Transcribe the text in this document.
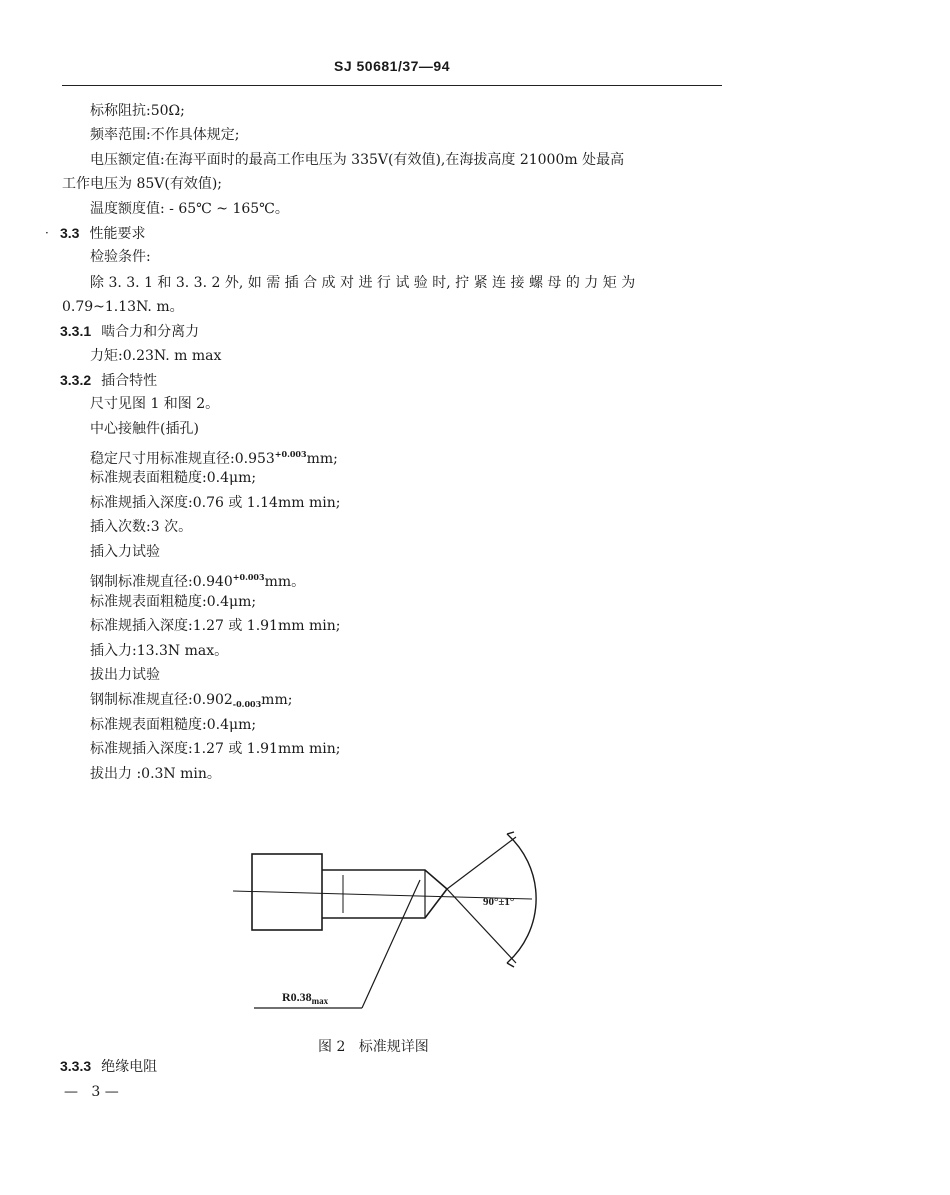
SJ 50681/37—94
标称阻抗:50Ω;
频率范围:不作具体规定;
电压额定值:在海平面时的最高工作电压为 335V(有效值),在海拔高度 21000m 处最高
工作电压为 85V(有效值);
温度额度值: - 65℃ ~ 165℃。
· 3.3 性能要求
检验条件:
除 3. 3. 1 和 3. 3. 2 外, 如 需 插 合 成 对 进 行 试 验 时, 拧 紧 连 接 螺 母 的 力 矩 为
0.79~1.13N. m。
3.3.1 啮合力和分离力
力矩:0.23N. m max
3.3.2 插合特性
尺寸见图 1 和图 2。
中心接触件(插孔)
稳定尺寸用标准规直径$:0.953^{+0.003}mm$;
标准规表面粗糙度:0.4μm;
标准规插入深度:0.76 或 1.14mm min;
插入次数:3 次。
插入力试验
钢制标准规直径$:0.940^{+0.003}mm$。
标准规表面粗糙度:0.4μm;
标准规插入深度:1.27 或 1.91mm min;
插入力:13.3N max。
拔出力试验
钢制标准规直径$:0.902_{-0.003}mm$;
标准规表面粗糙度:0.4μm;
标准规插入深度:1.27 或 1.91mm min;
拔出力 :0.3N min。
90°±1°
$R0.38_{max}$
图 2   标准规详图
3.3.3 绝缘电阻
—   3 —
